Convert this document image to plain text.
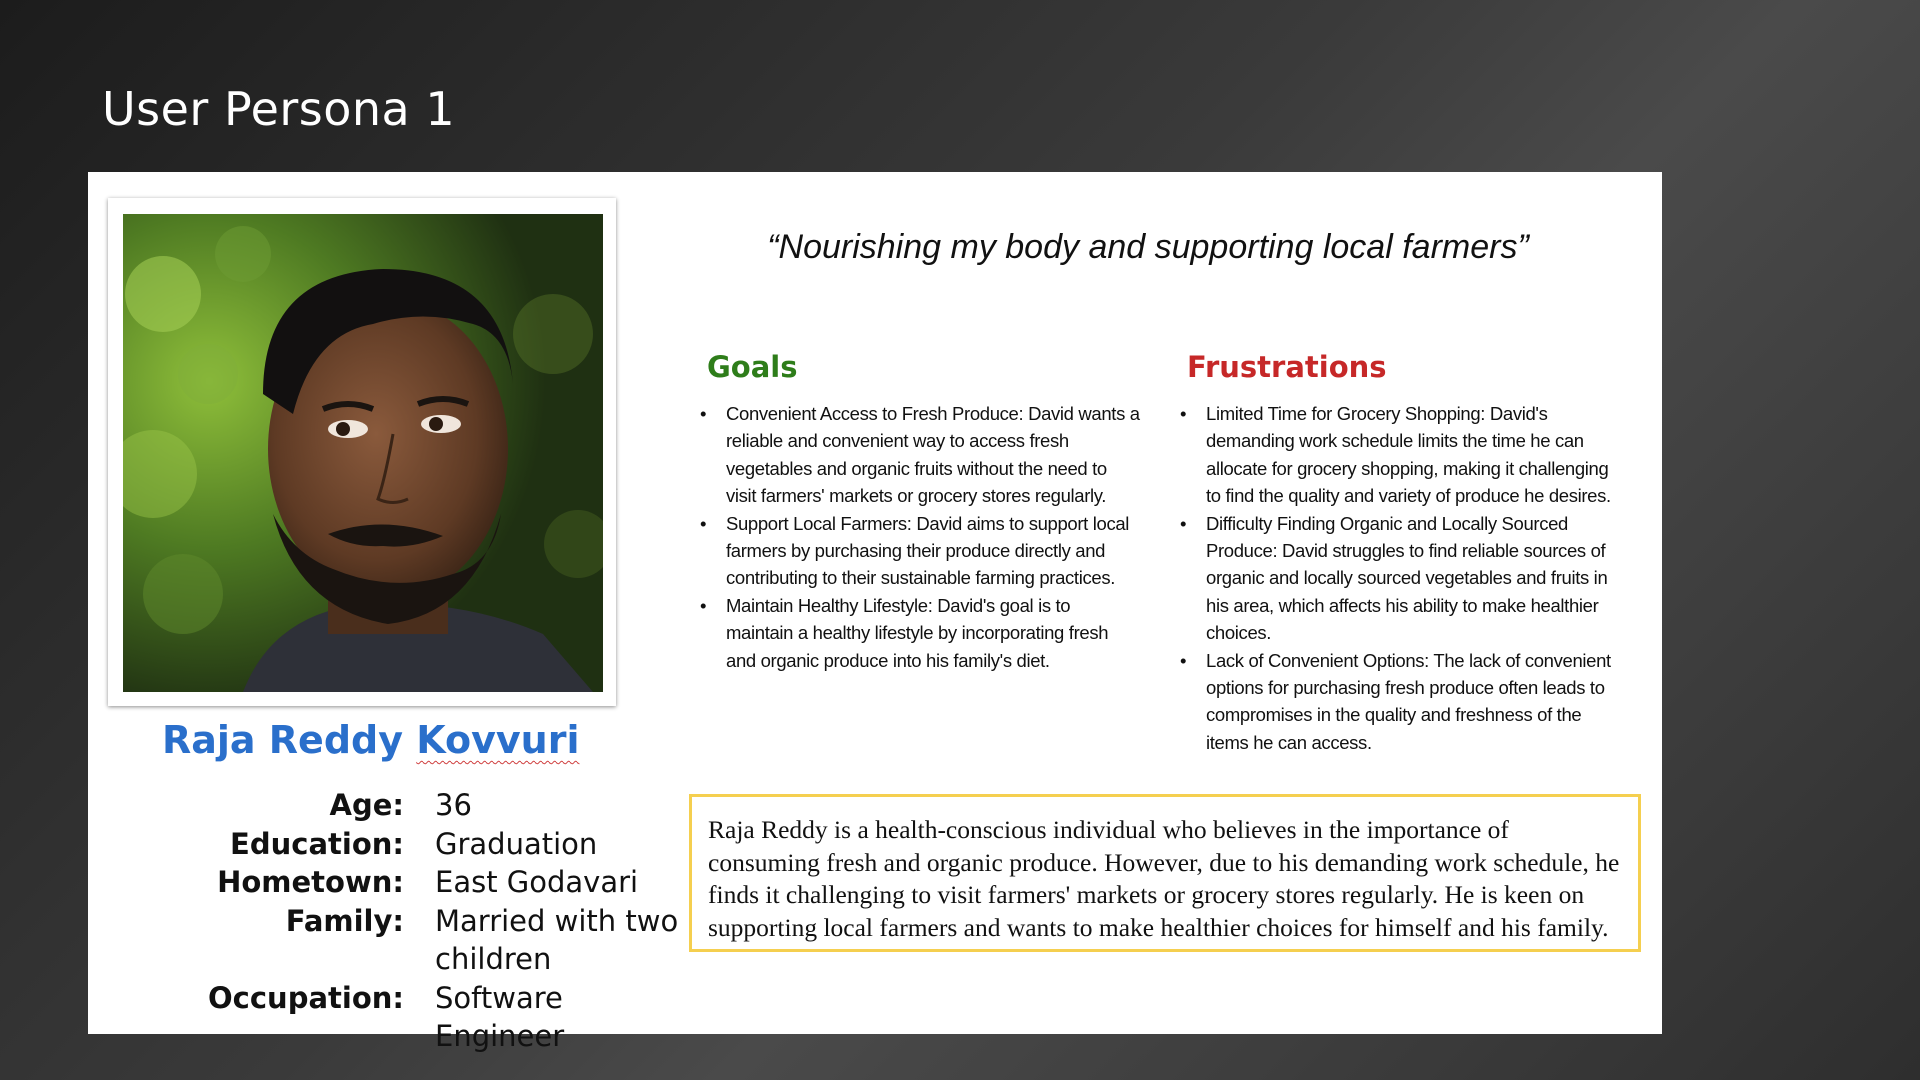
User Persona 1
Raja Reddy Kovvuri
Age:	36
Education:	Graduation
Hometown:	East Godavari
Family:	Married with two children
Occupation:	Software Engineer
“Nourishing my body and supporting local farmers”
Goals
• Convenient Access to Fresh Produce: David wants a reliable and convenient way to access fresh vegetables and organic fruits without the need to visit farmers' markets or grocery stores regularly.
• Support Local Farmers: David aims to support local farmers by purchasing their produce directly and contributing to their sustainable farming practices.
• Maintain Healthy Lifestyle: David's goal is to maintain a healthy lifestyle by incorporating fresh and organic produce into his family's diet.
Frustrations
• Limited Time for Grocery Shopping: David's demanding work schedule limits the time he can allocate for grocery shopping, making it challenging to find the quality and variety of produce he desires.
• Difficulty Finding Organic and Locally Sourced Produce: David struggles to find reliable sources of organic and locally sourced vegetables and fruits in his area, which affects his ability to make healthier choices.
• Lack of Convenient Options: The lack of convenient options for purchasing fresh produce often leads to compromises in the quality and freshness of the items he can access.
Raja Reddy is a health-conscious individual who believes in the importance of consuming fresh and organic produce. However, due to his demanding work schedule, he finds it challenging to visit farmers' markets or grocery stores regularly. He is keen on supporting local farmers and wants to make healthier choices for himself and his family.
